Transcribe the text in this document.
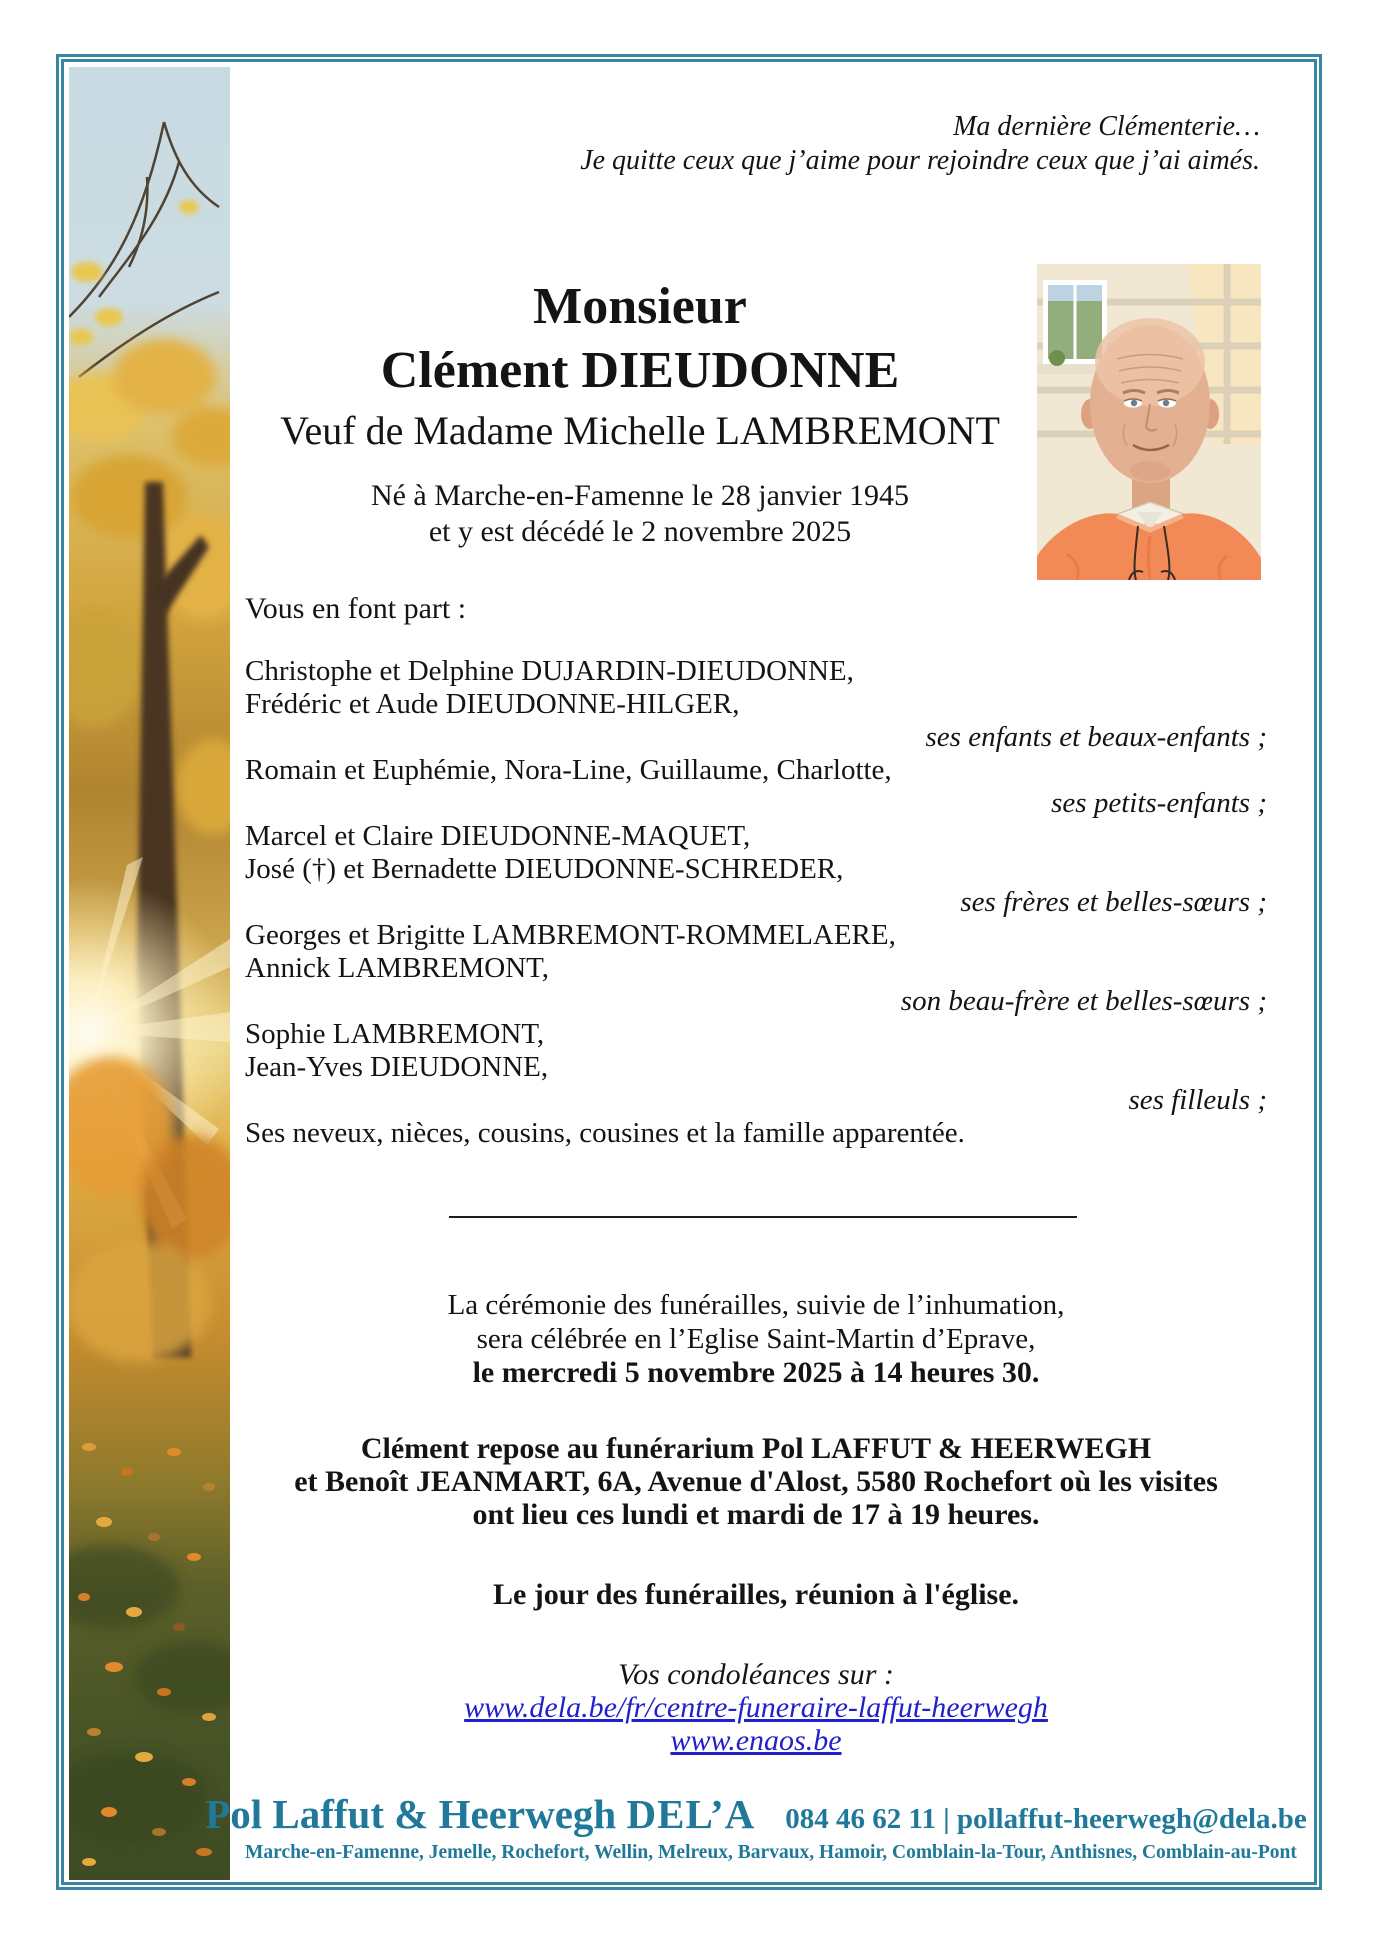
Ma dernière Clémenterie…
Je quitte ceux que j’aime pour rejoindre ceux que j’ai aimés.
Monsieur
Clément DIEUDONNE
Veuf de Madame Michelle LAMBREMONT
Né à Marche-en-Famenne le 28 janvier 1945
et y est décédé le 2 novembre 2025
Vous en font part :
Christophe et Delphine DUJARDIN-DIEUDONNE,
Frédéric et Aude DIEUDONNE-HILGER,
ses enfants et beaux-enfants ;
Romain et Euphémie, Nora-Line, Guillaume, Charlotte,
ses petits-enfants ;
Marcel et Claire DIEUDONNE-MAQUET,
José (†) et Bernadette DIEUDONNE-SCHREDER,
ses frères et belles-sœurs ;
Georges et Brigitte LAMBREMONT-ROMMELAERE,
Annick LAMBREMONT,
son beau-frère et belles-sœurs ;
Sophie LAMBREMONT,
Jean-Yves DIEUDONNE,
ses filleuls ;
Ses neveux, nièces, cousins, cousines et la famille apparentée.
La cérémonie des funérailles, suivie de l’inhumation,
sera célébrée en l’Eglise Saint-Martin d’Eprave,
le mercredi 5 novembre 2025 à 14 heures 30.
Clément repose au funérarium Pol LAFFUT & HEERWEGH
et Benoît JEANMART, 6A, Avenue d'Alost, 5580 Rochefort où les visites
ont lieu ces lundi et mardi de 17 à 19 heures.
Le jour des funérailles, réunion à l'église.
Vos condoléances sur :
www.dela.be/fr/centre-funeraire-laffut-heerwegh
www.enaos.be
Pol Laffut & Heerwegh DEL’A 084 46 62 11 | pollaffut-heerwegh@dela.be
Marche-en-Famenne, Jemelle, Rochefort, Wellin, Melreux, Barvaux, Hamoir, Comblain-la-Tour, Anthisnes, Comblain-au-Pont
